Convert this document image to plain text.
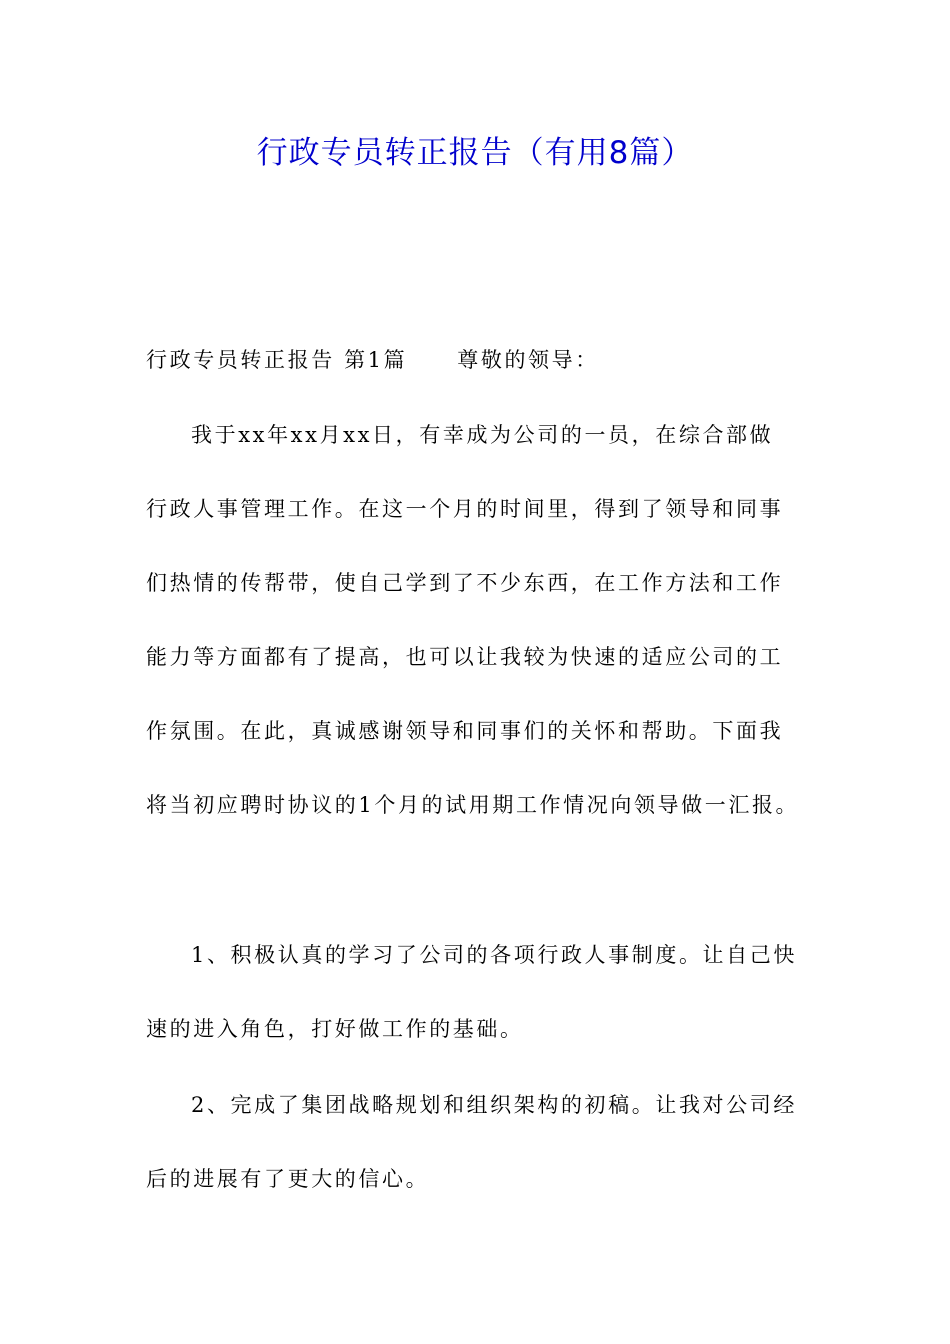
行政专员转正报告（有用8篇）
行政专员转正报告 第1篇 尊敬的领导：
我于xx年xx月xx日，有幸成为公司的一员，在综合部做
行政人事管理工作。在这一个月的时间里，得到了领导和同事
们热情的传帮带，使自己学到了不少东西，在工作方法和工作
能力等方面都有了提高，也可以让我较为快速的适应公司的工
作氛围。在此，真诚感谢领导和同事们的关怀和帮助。下面我
将当初应聘时协议的1个月的试用期工作情况向领导做一汇报。
1、积极认真的学习了公司的各项行政人事制度。让自己快
速的进入角色，打好做工作的基础。
2、完成了集团战略规划和组织架构的初稿。让我对公司经
后的进展有了更大的信心。
